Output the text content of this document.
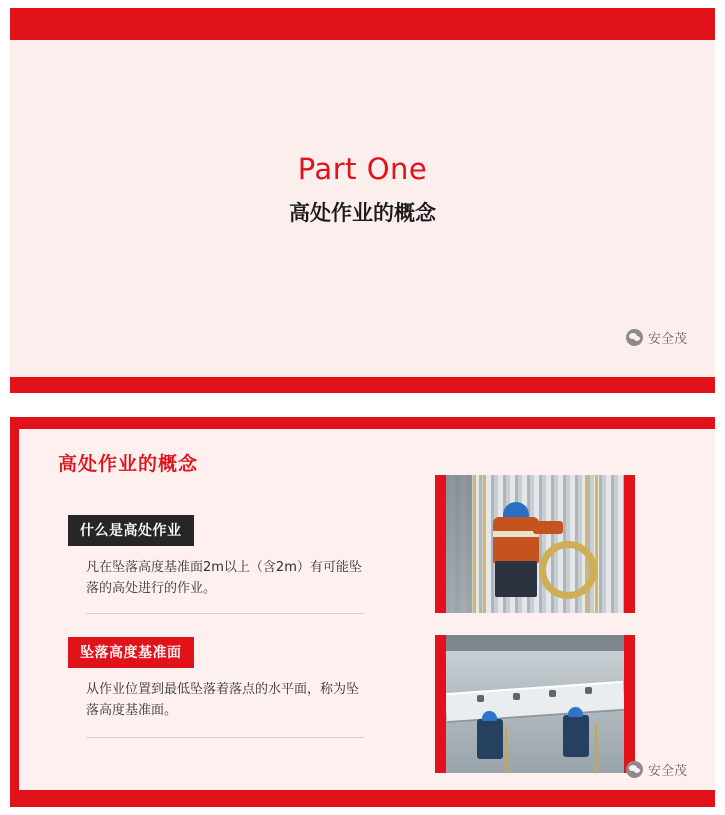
Part One
高处作业的概念
安全茂
高处作业的概念
什么是高处作业
凡在坠落高度基准面2m以上（含2m）有可能坠落的高处进行的作业。
坠落高度基准面
从作业位置到最低坠落着落点的水平面，称为坠落高度基准面。
安全茂
